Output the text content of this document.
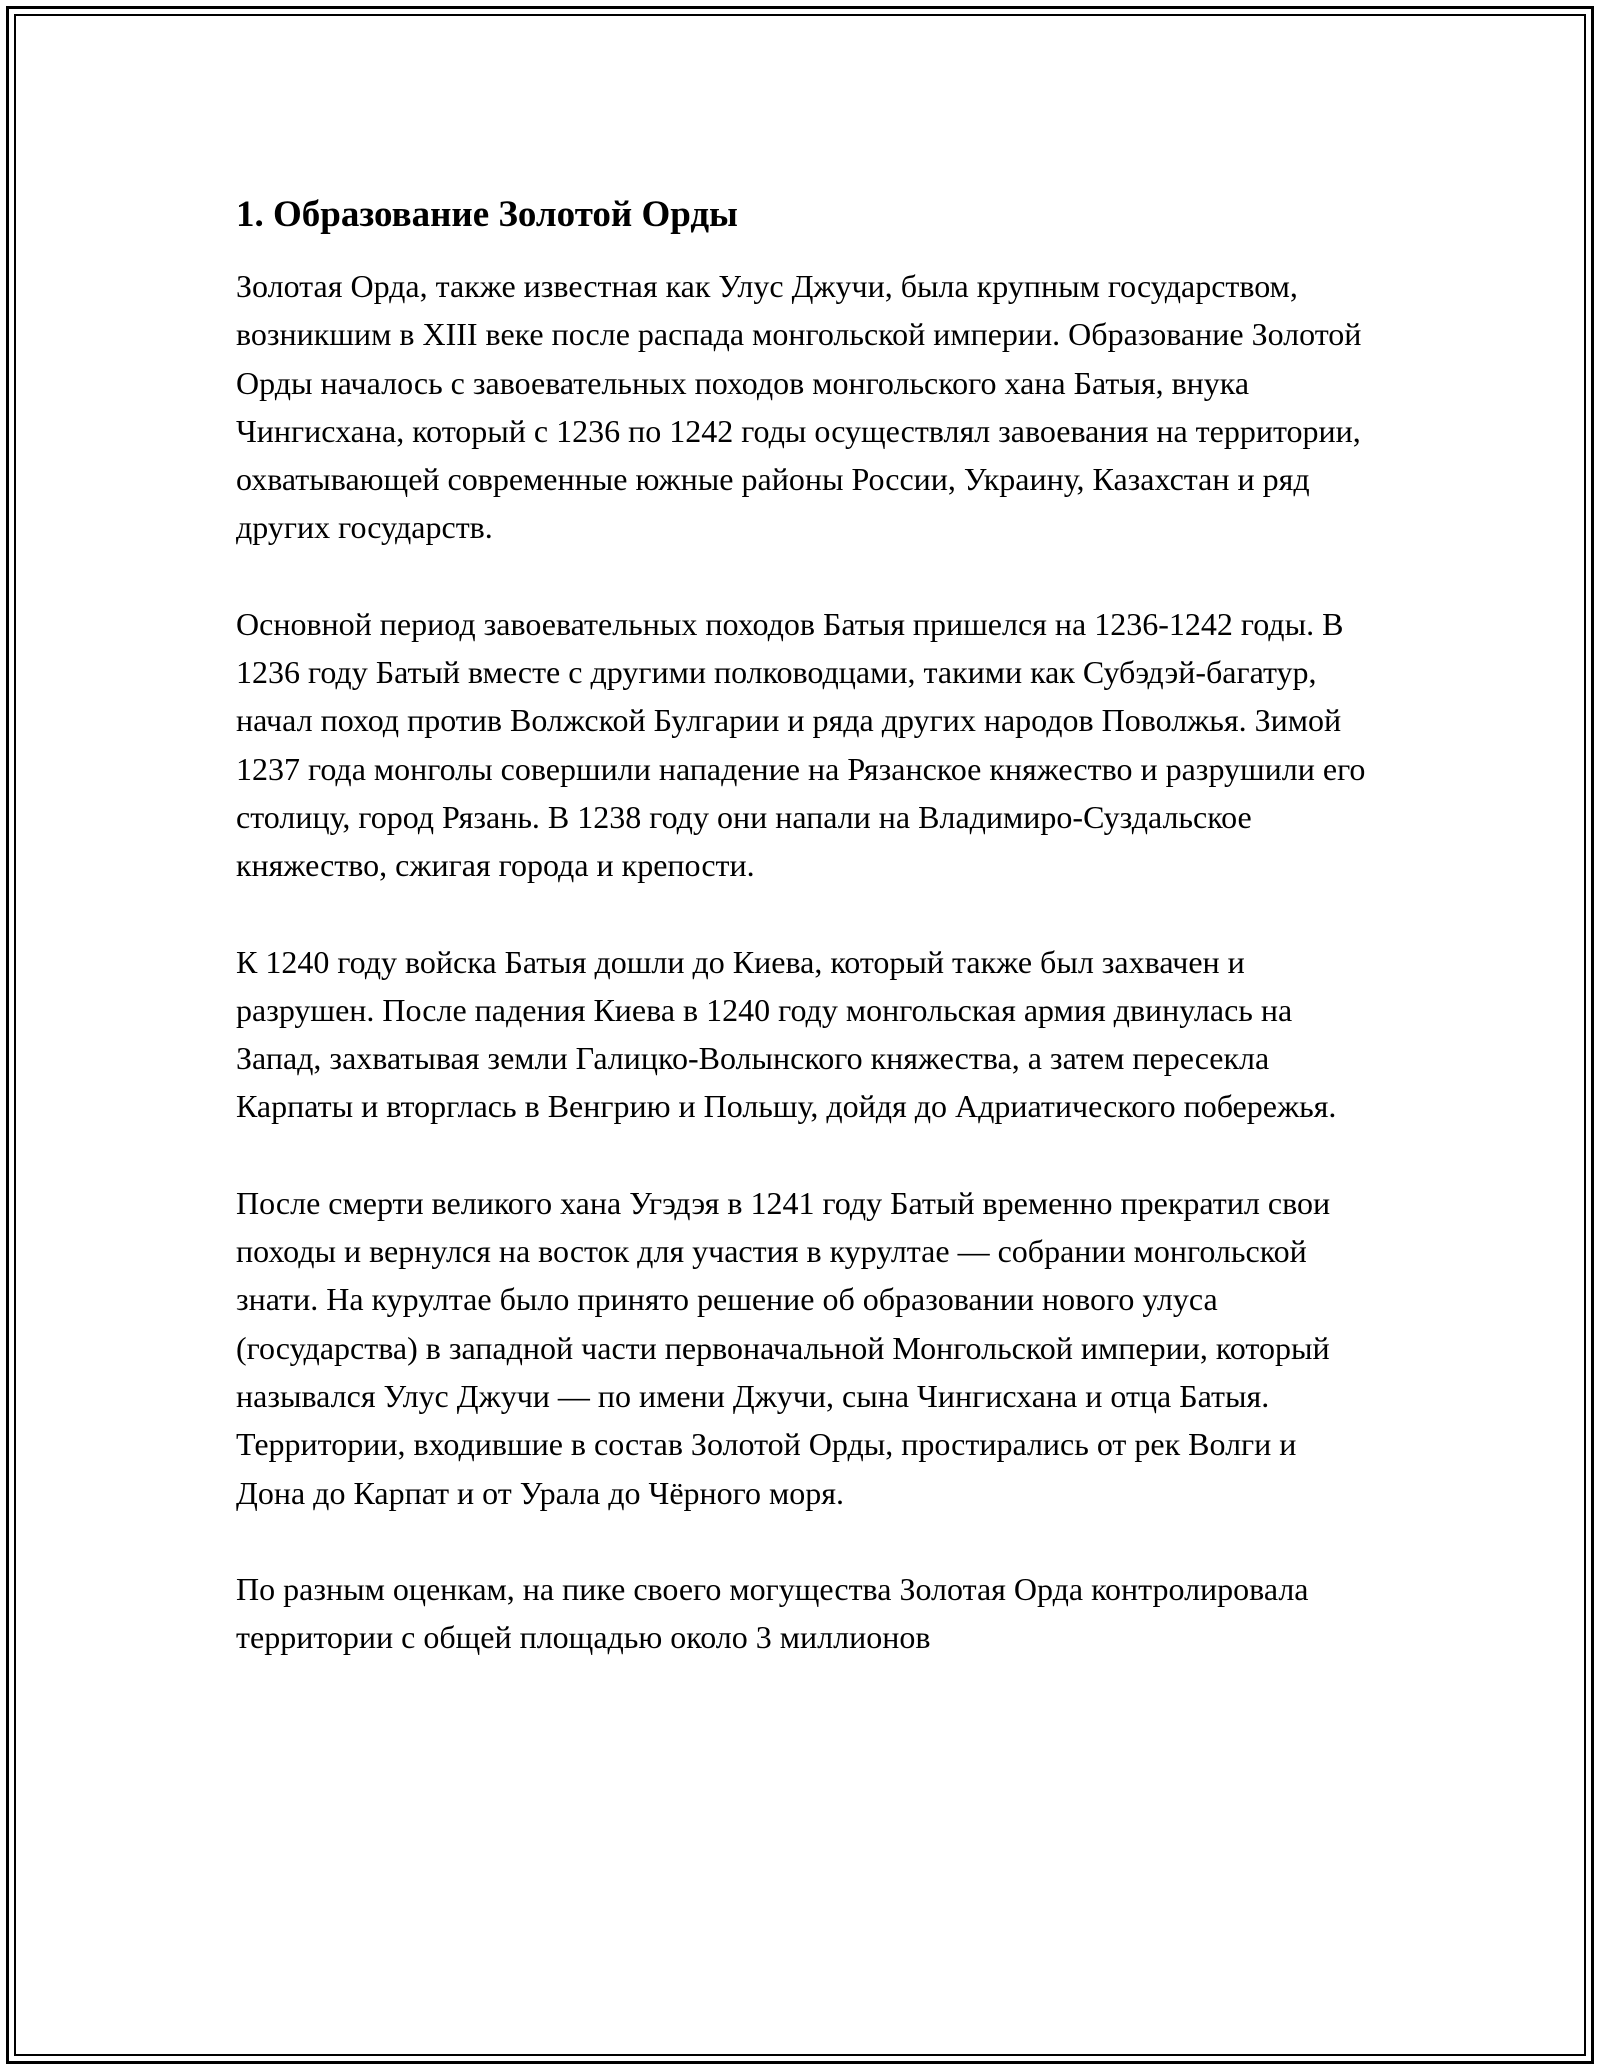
1. Образование Золотой Орды

Золотая Орда, также известная как Улус Джучи, была крупным государством, возникшим в XIII веке после распада монгольской империи. Образование Золотой Орды началось с завоевательных походов монгольского хана Батыя, внука Чингисхана, который с 1236 по 1242 годы осуществлял завоевания на территории, охватывающей современные южные районы России, Украину, Казахстан и ряд других государств.

Основной период завоевательных походов Батыя пришелся на 1236-1242 годы. В 1236 году Батый вместе с другими полководцами, такими как Субэдэй-багатур, начал поход против Волжской Булгарии и ряда других народов Поволжья. Зимой 1237 года монголы совершили нападение на Рязанское княжество и разрушили его столицу, город Рязань. В 1238 году они напали на Владимиро-Суздальское княжество, сжигая города и крепости.

К 1240 году войска Батыя дошли до Киева, который также был захвачен и разрушен. После падения Киева в 1240 году монгольская армия двинулась на Запад, захватывая земли Галицко-Волынского княжества, а затем пересекла Карпаты и вторглась в Венгрию и Польшу, дойдя до Адриатического побережья.

После смерти великого хана Угэдэя в 1241 году Батый временно прекратил свои походы и вернулся на восток для участия в курултае — собрании монгольской знати. На курултае было принято решение об образовании нового улуса (государства) в западной части первоначальной Монгольской империи, который назывался Улус Джучи — по имени Джучи, сына Чингисхана и отца Батыя. Территории, входившие в состав Золотой Орды, простирались от рек Волги и Дона до Карпат и от Урала до Чёрного моря.

По разным оценкам, на пике своего могущества Золотая Орда контролировала территории с общей площадью около 3 миллионов
